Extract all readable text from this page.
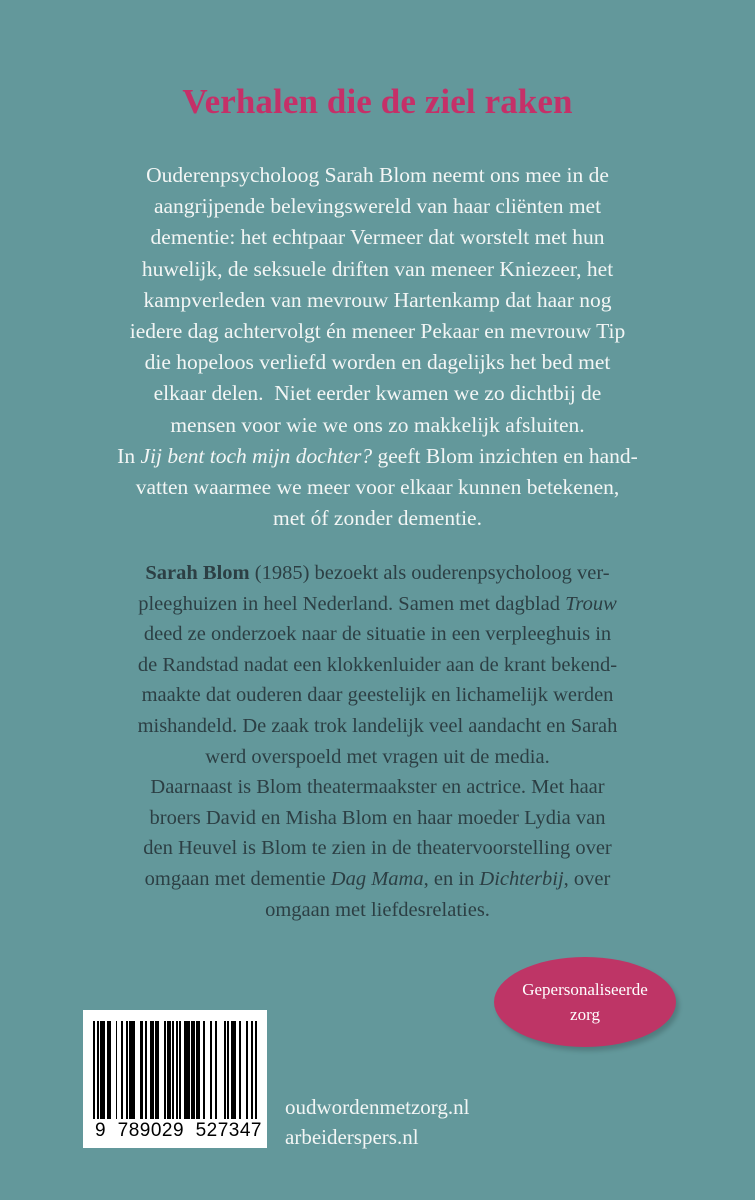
Verhalen die de ziel raken
Ouderenpsycholoog Sarah Blom neemt ons mee in de
aangrijpende belevingswereld van haar cliënten met
dementie: het echtpaar Vermeer dat worstelt met hun
huwelijk, de seksuele driften van meneer Kniezeer, het
kampverleden van mevrouw Hartenkamp dat haar nog
iedere dag achtervolgt én meneer Pekaar en mevrouw Tip
die hopeloos verliefd worden en dagelijks het bed met
elkaar delen.  Niet eerder kwamen we zo dichtbij de
mensen voor wie we ons zo makkelijk afsluiten.
In Jij bent toch mijn dochter? geeft Blom inzichten en hand-
vatten waarmee we meer voor elkaar kunnen betekenen,
met óf zonder dementie.
Sarah Blom (1985) bezoekt als ouderenpsycholoog ver-
pleeghuizen in heel Nederland. Samen met dagblad Trouw
deed ze onderzoek naar de situatie in een verpleeghuis in
de Randstad nadat een klokkenluider aan de krant bekend-
maakte dat ouderen daar geestelijk en lichamelijk werden
mishandeld. De zaak trok landelijk veel aandacht en Sarah
werd overspoeld met vragen uit de media.
Daarnaast is Blom theatermaakster en actrice. Met haar
broers David en Misha Blom en haar moeder Lydia van
den Heuvel is Blom te zien in de theatervoorstelling over
omgaan met dementie Dag Mama, en in Dichterbij, over
omgaan met liefdesrelaties.
Gepersonaliseerde
zorg
9  789029  527347
oudwordenmetzorg.nl
arbeiderspers.nl
